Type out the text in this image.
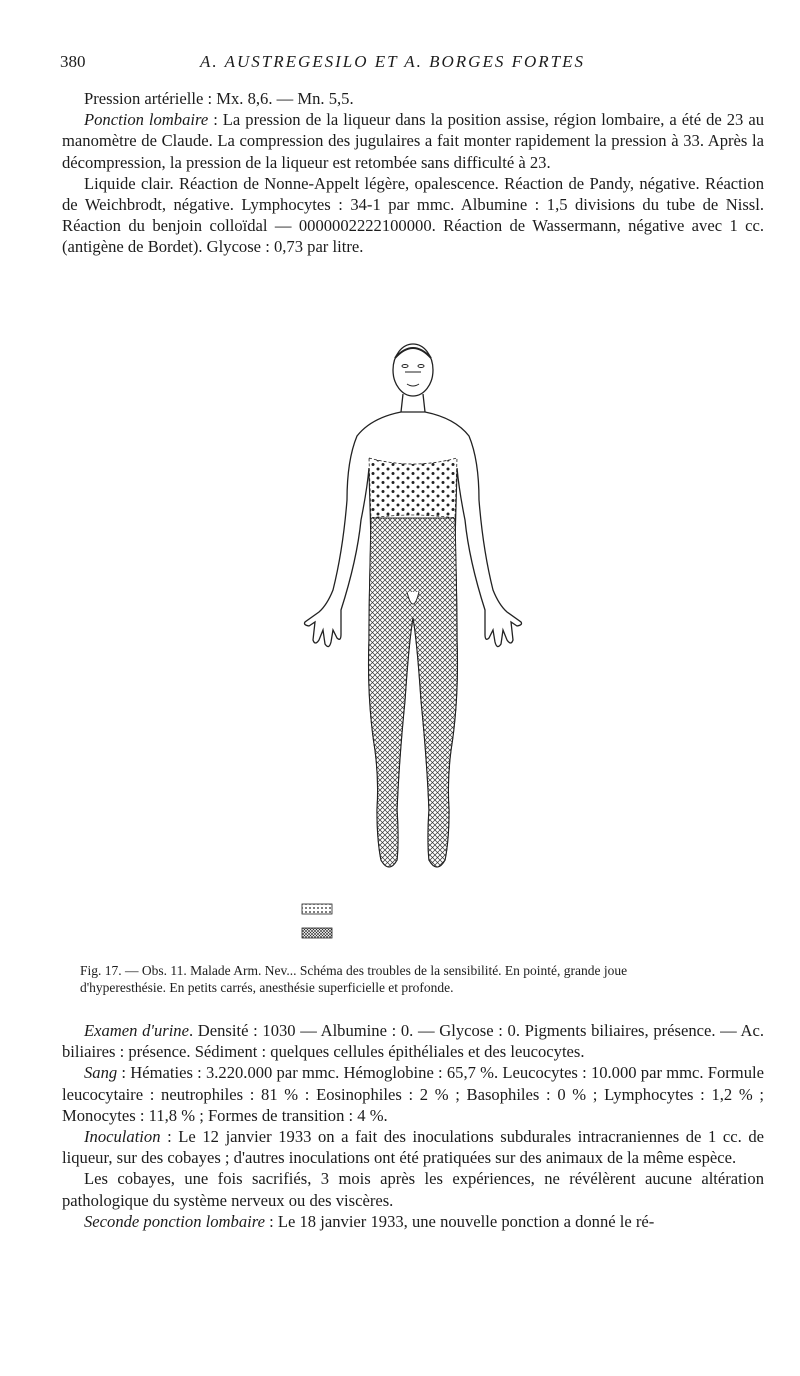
380	A. AUSTREGESILO ET A. BORGES FORTES

Pression artérielle : Mx. 8,6. — Mn. 5,5.

Ponction lombaire : La pression de la liqueur dans la position assise, région lombaire, a été de 23 au manomètre de Claude. La compression des jugulaires a fait monter rapidement la pression à 33. Après la décompression, la pression de la liqueur est retombée sans difficulté à 23.

Liquide clair. Réaction de Nonne-Appelt légère, opalescence. Réaction de Pandy, négative. Réaction de Weichbrodt, négative. Lymphocytes : 34-1 par mmc. Albumine : 1,5 divisions du tube de Nissl. Réaction du benjoin colloïdal — 0000002222100000. Réaction de Wassermann, négative avec 1 cc. (antigène de Bordet). Glycose : 0,73 par litre.

Fig. 17. — Obs. 11. Malade Arm. Nev... Schéma des troubles de la sensibilité. En pointé, grande joue
d'hyperesthésie. En petits carrés, anesthésie superficielle et profonde.

Examen d'urine. Densité : 1030 — Albumine : 0. — Glycose : 0. Pigments biliaires, présence. — Ac. biliaires : présence. Sédiment : quelques cellules épithéliales et des leucocytes.

Sang : Hématies : 3.220.000 par mmc. Hémoglobine : 65,7 %. Leucocytes : 10.000 par mmc. Formule leucocytaire : neutrophiles : 81 % : Eosinophiles : 2 % ; Basophiles : 0 % ; Lymphocytes : 1,2 % ; Monocytes : 11,8 % ; Formes de transition : 4 %.

Inoculation : Le 12 janvier 1933 on a fait des inoculations subdurales intracraniennes de 1 cc. de liqueur, sur des cobayes ; d'autres inoculations ont été pratiquées sur des animaux de la même espèce.

Les cobayes, une fois sacrifiés, 3 mois après les expériences, ne révélèrent aucune altération pathologique du système nerveux ou des viscères.

Seconde ponction lombaire : Le 18 janvier 1933, une nouvelle ponction a donné le ré-
